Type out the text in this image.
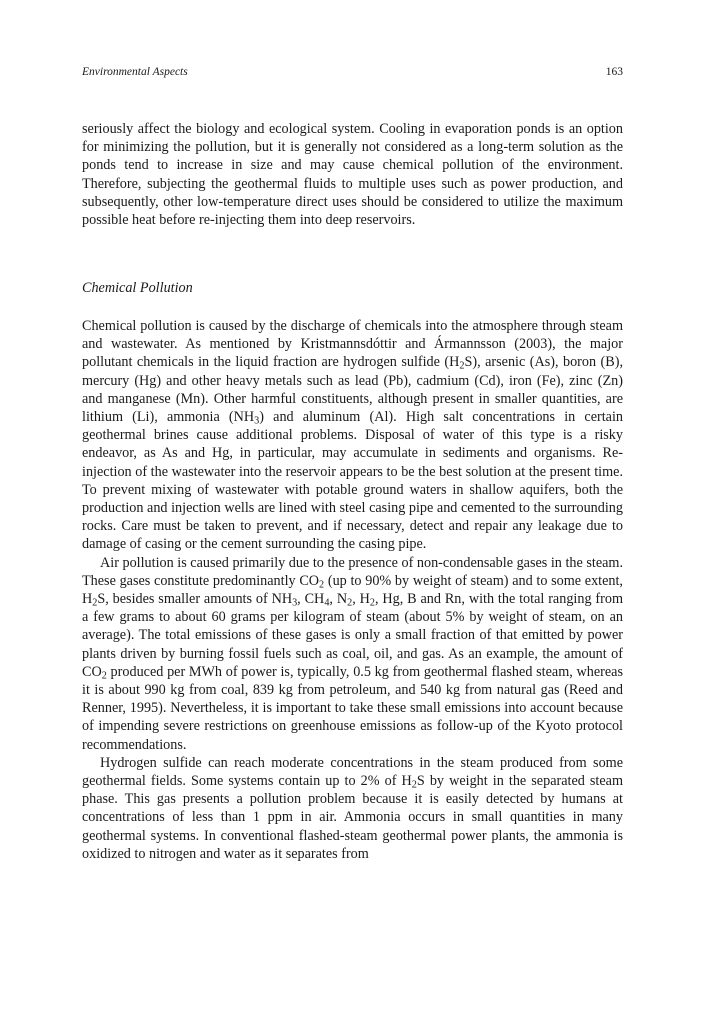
Environmental Aspects	163

seriously affect the biology and ecological system. Cooling in evaporation ponds is an option for minimizing the pollution, but it is generally not considered as a long-term solution as the ponds tend to increase in size and may cause chemical pollution of the environment. Therefore, subjecting the geothermal fluids to multiple uses such as power production, and subsequently, other low-temperature direct uses should be considered to utilize the maximum possible heat before re-injecting them into deep reservoirs.

Chemical Pollution

Chemical pollution is caused by the discharge of chemicals into the atmosphere through steam and wastewater. As mentioned by Kristmannsdóttir and Ármannsson (2003), the major pollutant chemicals in the liquid fraction are hydrogen sulfide $(H_2S)$, arsenic (As), boron (B), mercury (Hg) and other heavy metals such as lead (Pb), cadmium (Cd), iron (Fe), zinc (Zn) and manganese (Mn). Other harmful constituents, although present in smaller quantities, are lithium (Li), ammonia $(NH_3)$ and aluminum (Al). High salt concentrations in certain geothermal brines cause additional problems. Disposal of water of this type is a risky endeavor, as As and Hg, in particular, may accumulate in sediments and organisms. Re-injection of the wastewater into the reservoir appears to be the best solution at the present time. To prevent mixing of wastewater with potable ground waters in shallow aquifers, both the production and injection wells are lined with steel casing pipe and cemented to the surrounding rocks. Care must be taken to prevent, and if necessary, detect and repair any leakage due to damage of casing or the cement surrounding the casing pipe.

Air pollution is caused primarily due to the presence of non-condensable gases in the steam. These gases constitute predominantly $CO_2$ (up to 90% by weight of steam) and to some extent, $H_2S$, besides smaller amounts of $NH_3$, $CH_4$, $N_2$, $H_2$, Hg, B and Rn, with the total ranging from a few grams to about 60 grams per kilogram of steam (about 5% by weight of steam, on an average). The total emissions of these gases is only a small fraction of that emitted by power plants driven by burning fossil fuels such as coal, oil, and gas. As an example, the amount of $CO_2$ produced per MWh of power is, typically, 0.5 kg from geothermal flashed steam, whereas it is about 990 kg from coal, 839 kg from petroleum, and 540 kg from natural gas (Reed and Renner, 1995). Nevertheless, it is important to take these small emissions into account because of impending severe restrictions on greenhouse emissions as follow-up of the Kyoto protocol recommendations.

Hydrogen sulfide can reach moderate concentrations in the steam produced from some geothermal fields. Some systems contain up to 2% of $H_2S$ by weight in the separated steam phase. This gas presents a pollution problem because it is easily detected by humans at concentrations of less than 1 ppm in air. Ammonia occurs in small quantities in many geothermal systems. In conventional flashed-steam geothermal power plants, the ammonia is oxidized to nitrogen and water as it separates from
